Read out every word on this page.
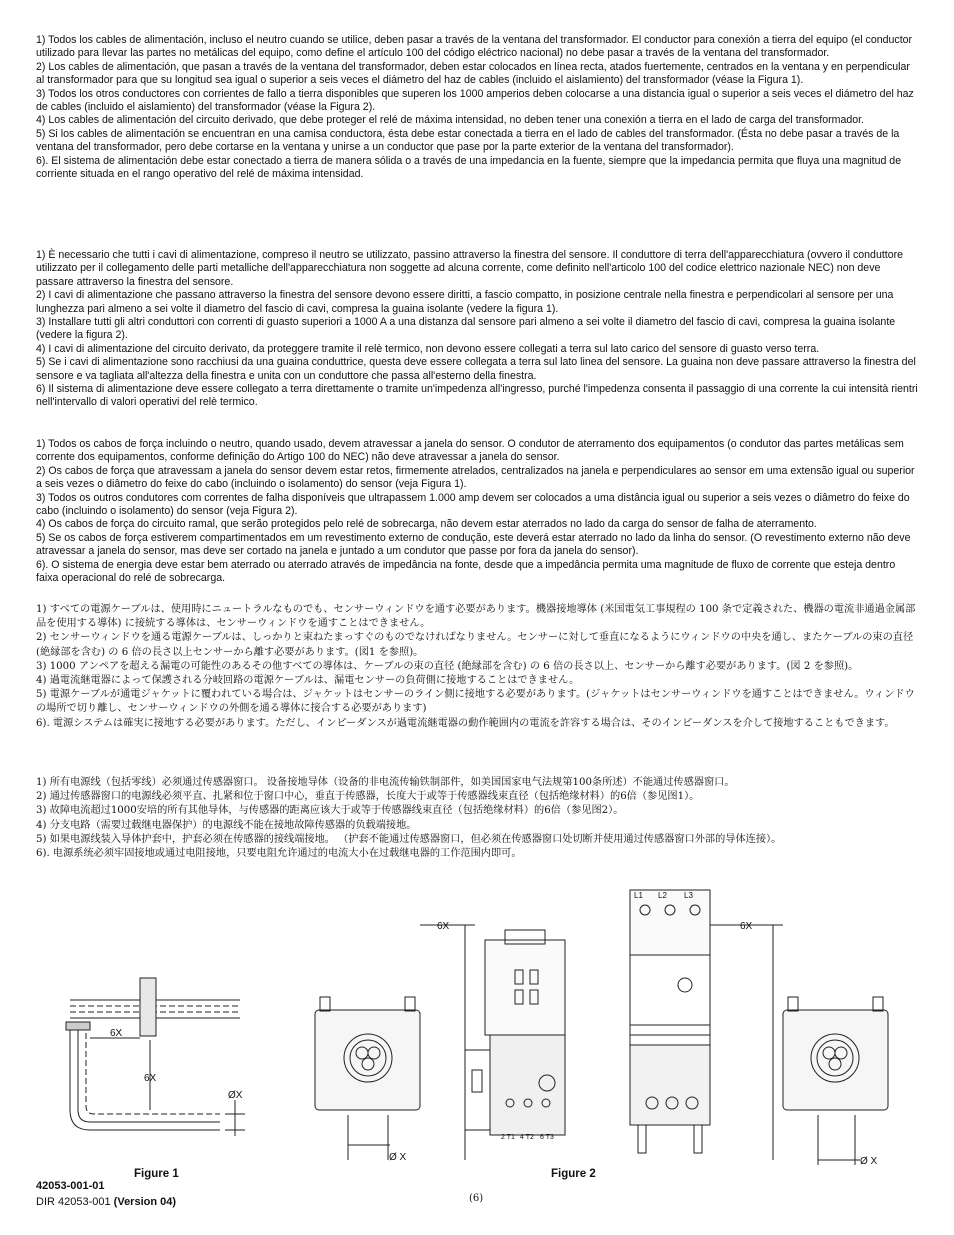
1) Todos los cables de alimentación, incluso el neutro cuando se utilice, deben pasar a través de la ventana del transformador. El conductor para conexión a tierra del equipo (el conductor utilizado para llevar las partes no metálicas del equipo, como define el artículo 100 del código eléctrico nacional) no debe pasar a través de la ventana del transformador.

2) Los cables de alimentación, que pasan a través de la ventana del transformador, deben estar colocados en línea recta, atados fuertemente, centrados en la ventana y en perpendicular al transformador para que su longitud sea igual o superior a seis veces el diámetro del haz de cables (incluido el aislamiento) del transformador (véase la Figura 1).

3) Todos los otros conductores con corrientes de fallo a tierra disponibles que superen los 1000 amperios deben colocarse a una distancia igual o superior a seis veces el diámetro del haz de cables (incluido el aislamiento) del transformador (véase la Figura 2).

4) Los cables de alimentación del circuito derivado, que debe proteger el relé de máxima intensidad, no deben tener una conexión a tierra en el lado de carga del transformador.

5) Si los cables de alimentación se encuentran en una camisa conductora, ésta debe estar conectada a tierra en el lado de cables del transformador. (Ésta no debe pasar a través de la ventana del transformador, pero debe cortarse en la ventana y unirse a un conductor que pase por la parte exterior de la ventana del transformador).

6). El sistema de alimentación debe estar conectado a tierra de manera sólida o a través de una impedancia en la fuente, siempre que la impedancia permita que fluya una magnitud de corriente situada en el rango operativo del relé de máxima intensidad.

1) È necessario che tutti i cavi di alimentazione, compreso il neutro se utilizzato, passino attraverso la finestra del sensore. Il conduttore di terra dell'apparecchiatura (ovvero il conduttore utilizzato per il collegamento delle parti metalliche dell'apparecchiatura non soggette ad alcuna corrente, come definito nell'articolo 100 del codice elettrico nazionale NEC) non deve passare attraverso la finestra del sensore.

2) I cavi di alimentazione che passano attraverso la finestra del sensore devono essere diritti, a fascio compatto, in posizione centrale nella finestra e perpendicolari al sensore per una lunghezza pari almeno a sei volte il diametro del fascio di cavi, compresa la guaina isolante (vedere la figura 1).

3) Installare tutti gli altri conduttori con correnti di guasto superiori a 1000 A a una distanza dal sensore pari almeno a sei volte il diametro del fascio di cavi, compresa la guaina isolante (vedere la figura 2).

4) I cavi di alimentazione del circuito derivato, da proteggere tramite il relè termico, non devono essere collegati a terra sul lato carico del sensore di guasto verso terra.

5) Se i cavi di alimentazione sono racchiusi da una guaina conduttrice, questa deve essere collegata a terra sul lato linea del sensore. La guaina non deve passare attraverso la finestra del sensore e va tagliata all'altezza della finestra e unita con un conduttore che passa all'esterno della finestra.

6) Il sistema di alimentazione deve essere collegato a terra direttamente o tramite un'impedenza all'ingresso, purché l'impedenza consenta il passaggio di una corrente la cui intensità rientri nell'intervallo di valori operativi del relè termico.

1) Todos os cabos de força incluindo o neutro, quando usado, devem atravessar a janela do sensor. O condutor de aterramento dos equipamentos (o condutor das partes metálicas sem corrente dos equipamentos, conforme definição do Artigo 100 do NEC) não deve atravessar a janela do sensor.

2) Os cabos de força que atravessam a janela do sensor devem estar retos, firmemente atrelados, centralizados na janela e perpendiculares ao sensor em uma extensão igual ou superior a seis vezes o diâmetro do feixe do cabo (incluindo o isolamento) do sensor (veja Figura 1).

3) Todos os outros condutores com correntes de falha disponíveis que ultrapassem 1.000 amp devem ser colocados a uma distância igual ou superior a seis vezes o diâmetro do feixe do cabo (incluindo o isolamento) do sensor (veja Figura 2).

4) Os cabos de força do circuito ramal, que serão protegidos pelo relé de sobrecarga, não devem estar aterrados no lado da carga do sensor de falha de aterramento.

5) Se os cabos de força estiverem compartimentados em um revestimento externo de condução, este deverá estar aterrado no lado da linha do sensor. (O revestimento externo não deve atravessar a janela do sensor, mas deve ser cortado na janela e juntado a um condutor que passe por fora da janela do sensor).

6). O sistema de energia deve estar bem aterrado ou aterrado através de impedância na fonte, desde que a impedância permita uma magnitude de fluxo de corrente que esteja dentro faixa operacional do relé de sobrecarga.

1) すべての電源ケーブルは、使用時にニュートラルなものでも、センサーウィンドウを通す必要があります。機器接地導体 (米国電気工事規程の 100 条で定義された、機器の電流非通過金属部品を使用する導体) に接続する導体は、センサーウィンドウを通すことはできません。

2) センサーウィンドウを通る電源ケーブルは、しっかりと束ねたまっすぐのものでなければなりません。センサーに対して垂直になるようにウィンドウの中央を通し、またケーブルの束の直径 (絶縁部を含む) の 6 倍の長さ以上センサーから離す必要があります。(図1 を参照)。

3) 1000 アンペアを超える漏電の可能性のあるその他すべての導体は、ケーブルの束の直径 (絶縁部を含む) の 6 倍の長さ以上、センサーから離す必要があります。(図 2 を参照)。

4) 過電流継電器によって保護される分岐回路の電源ケーブルは、漏電センサーの負荷側に接地することはできません。

5) 電源ケーブルが通電ジャケットに覆われている場合は、ジャケットはセンサーのライン側に接地する必要があります。(ジャケットはセンサーウィンドウを通すことはできません。ウィンドウの場所で切り離し、センサーウィンドウの外側を通る導体に接合する必要があります)

6). 電源システムは確実に接地する必要があります。ただし、インピーダンスが過電流継電器の動作範囲内の電流を許容する場合は、そのインピーダンスを介して接地することもできます。

1) 所有电源线（包括零线）必须通过传感器窗口。 设备接地导体（设备的非电流传输铁制部件，如美国国家电气法规第100条所述）不能通过传感器窗口。

2) 通过传感器窗口的电源线必须平直、扎紧和位于窗口中心，垂直于传感器，长度大于或等于传感器线束直径（包括绝缘材料）的6倍（参见图1）。

3) 故障电流超过1000安培的所有其他导体，与传感器的距离应该大于或等于传感器线束直径（包括绝缘材料）的6倍（参见图2）。

4) 分支电路（需要过载继电器保护）的电源线不能在接地故障传感器的负载端接地。

5) 如果电源线装入导体护套中，护套必须在传感器的接线端接地。 （护套不能通过传感器窗口，但必须在传感器窗口处切断并使用通过传感器窗口外部的导体连接）。

6). 电源系统必须牢固接地或通过电阻接地，只要电阻允许通过的电流大小在过载继电器的工作范围内即可。

6X
6X
ØX
6X	6X
Ø X	Ø X
L1 L2 L3
2 T1 4 T2 6 T3
Figure 1	Figure 2
42053-001-01
DIR 42053-001 (Version 04)	(6)
